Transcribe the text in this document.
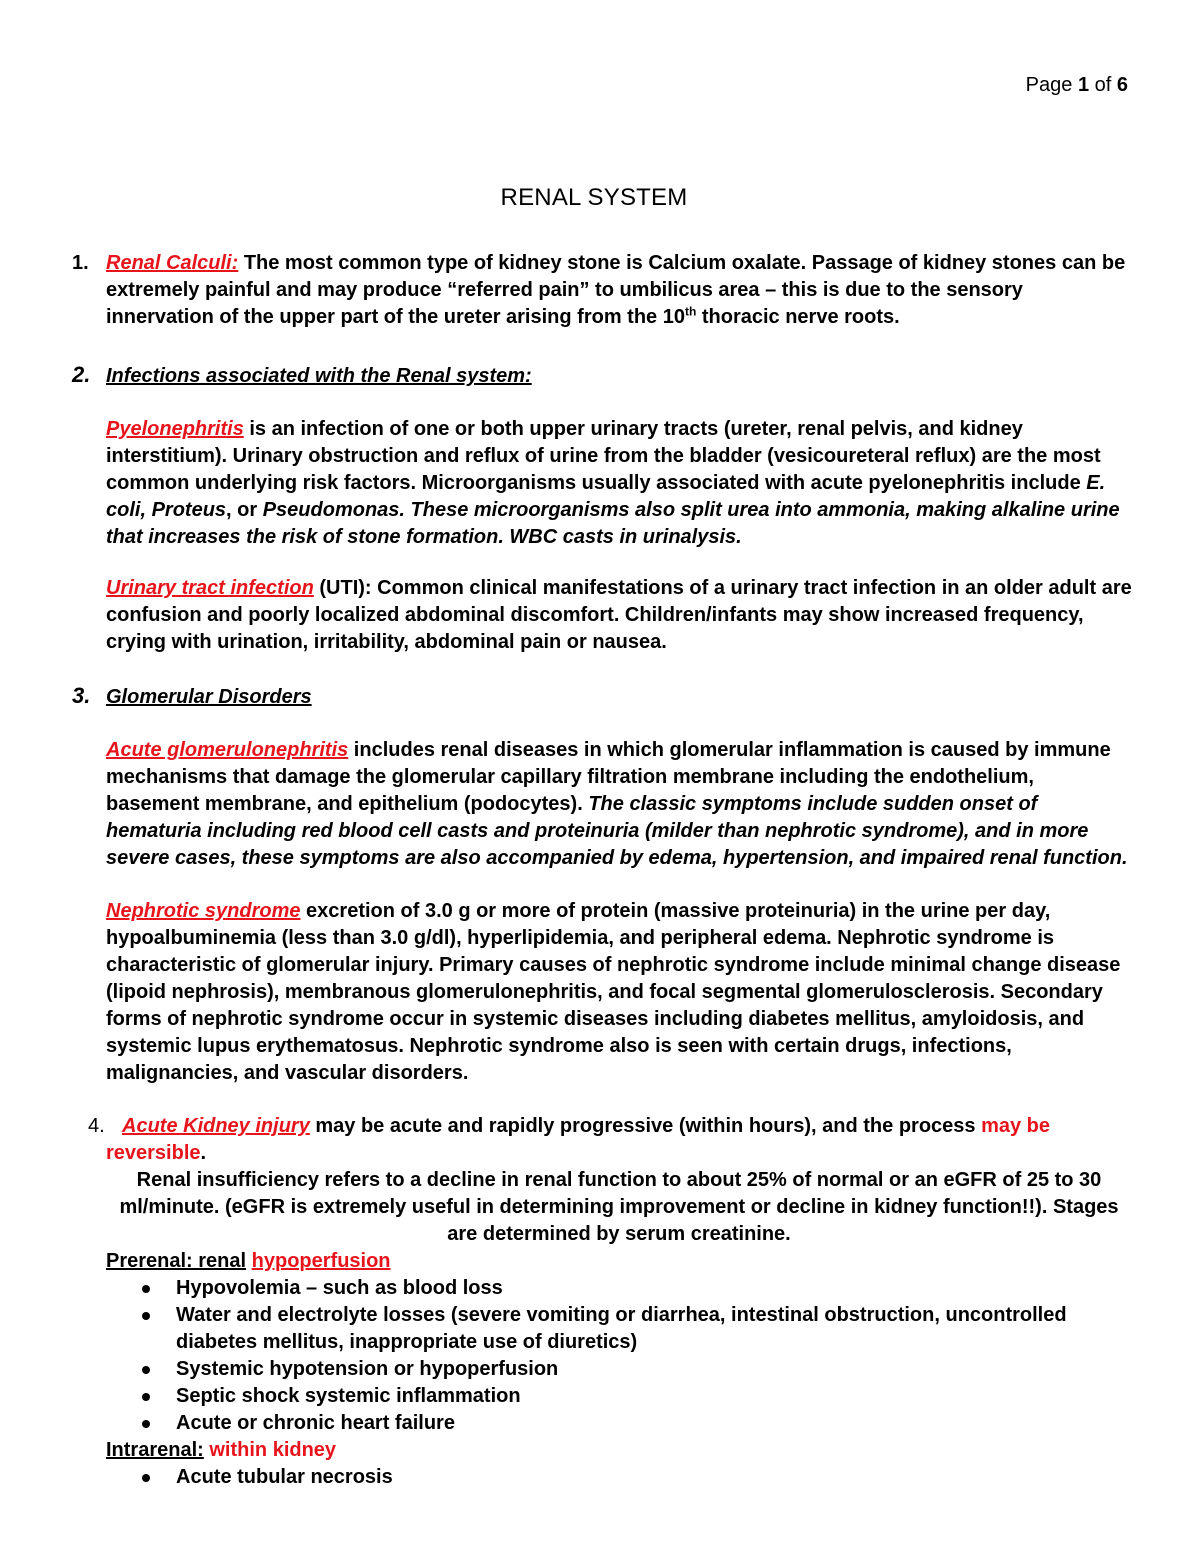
Page 1 of 6
RENAL SYSTEM

1. Renal Calculi: The most common type of kidney stone is Calcium oxalate. Passage of kidney stones can be extremely painful and may produce “referred pain” to umbilicus area – this is due to the sensory innervation of the upper part of the ureter arising from the 10th thoracic nerve roots.

2. Infections associated with the Renal system:

Pyelonephritis is an infection of one or both upper urinary tracts (ureter, renal pelvis, and kidney interstitium). Urinary obstruction and reflux of urine from the bladder (vesicoureteral reflux) are the most common underlying risk factors. Microorganisms usually associated with acute pyelonephritis include E. coli, Proteus, or Pseudomonas. These microorganisms also split urea into ammonia, making alkaline urine that increases the risk of stone formation. WBC casts in urinalysis.

Urinary tract infection (UTI): Common clinical manifestations of a urinary tract infection in an older adult are confusion and poorly localized abdominal discomfort. Children/infants may show increased frequency, crying with urination, irritability, abdominal pain or nausea.

3. Glomerular Disorders

Acute glomerulonephritis includes renal diseases in which glomerular inflammation is caused by immune mechanisms that damage the glomerular capillary filtration membrane including the endothelium, basement membrane, and epithelium (podocytes). The classic symptoms include sudden onset of hematuria including red blood cell casts and proteinuria (milder than nephrotic syndrome), and in more severe cases, these symptoms are also accompanied by edema, hypertension, and impaired renal function.

Nephrotic syndrome excretion of 3.0 g or more of protein (massive proteinuria) in the urine per day, hypoalbuminemia (less than 3.0 g/dl), hyperlipidemia, and peripheral edema. Nephrotic syndrome is characteristic of glomerular injury. Primary causes of nephrotic syndrome include minimal change disease (lipoid nephrosis), membranous glomerulonephritis, and focal segmental glomerulosclerosis. Secondary forms of nephrotic syndrome occur in systemic diseases including diabetes mellitus, amyloidosis, and systemic lupus erythematosus. Nephrotic syndrome also is seen with certain drugs, infections, malignancies, and vascular disorders.

4. Acute Kidney injury may be acute and rapidly progressive (within hours), and the process may be reversible.

Renal insufficiency refers to a decline in renal function to about 25% of normal or an eGFR of 25 to 30 ml/minute. (eGFR is extremely useful in determining improvement or decline in kidney function!!). Stages are determined by serum creatinine.

Prerenal: renal hypoperfusion

Hypovolemia – such as blood loss
Water and electrolyte losses (severe vomiting or diarrhea, intestinal obstruction, uncontrolled diabetes mellitus, inappropriate use of diuretics)
Systemic hypotension or hypoperfusion
Septic shock systemic inflammation
Acute or chronic heart failure

Intrarenal: within kidney

Acute tubular necrosis
